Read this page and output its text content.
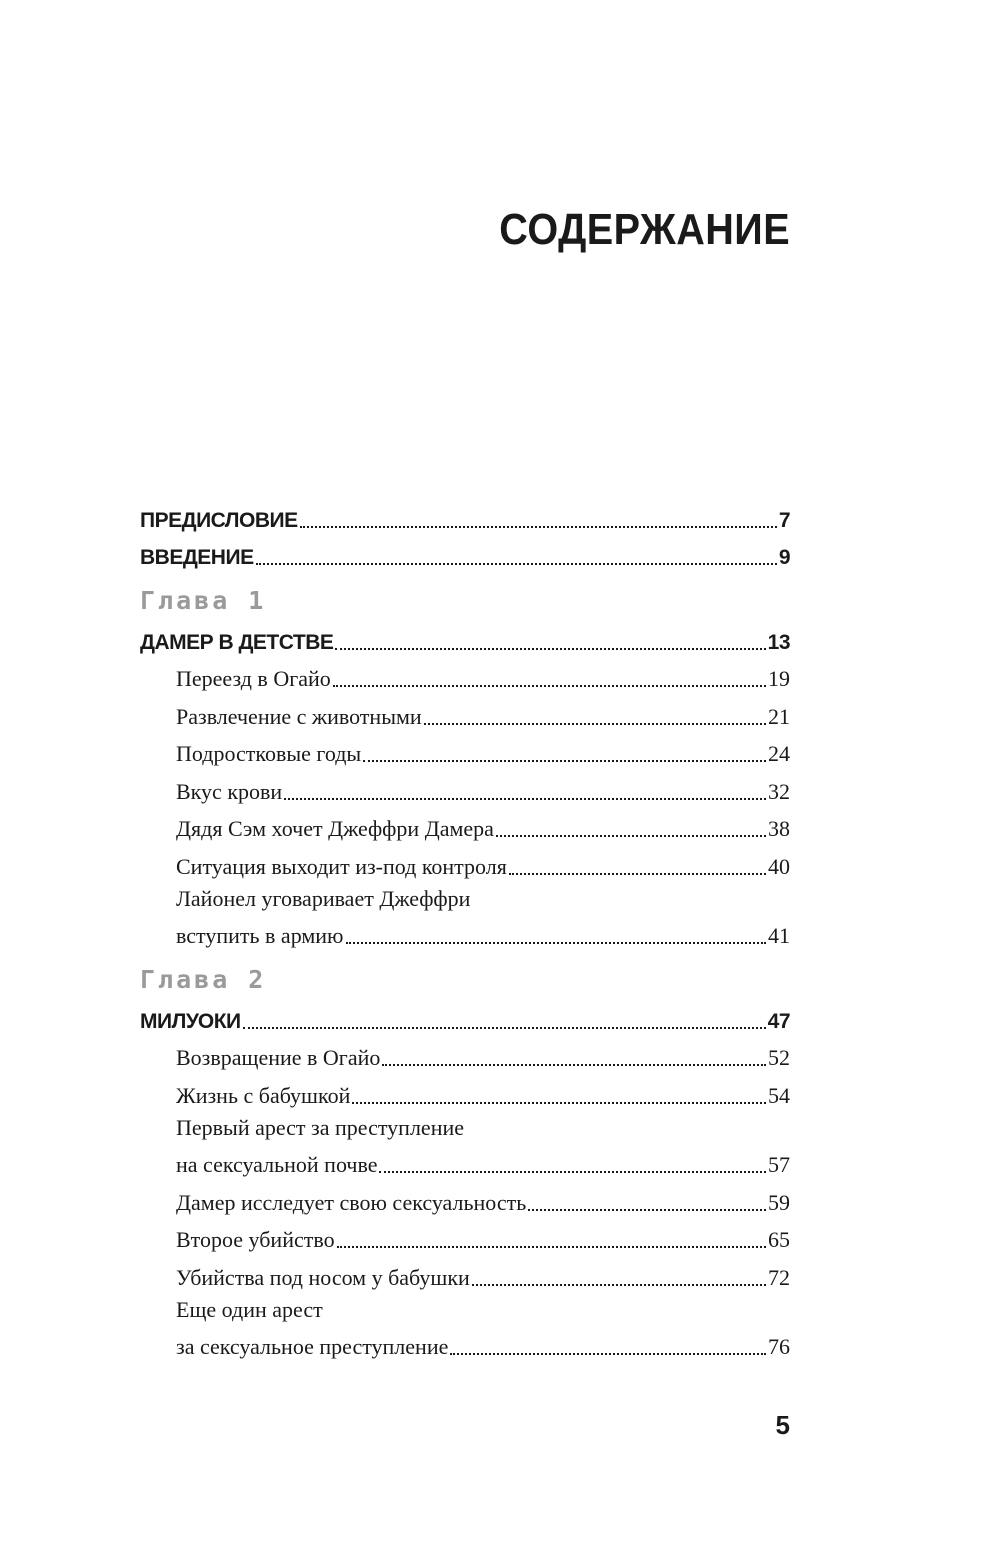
СОДЕРЖАНИЕ
ПРЕДИСЛОВИЕ	7
ВВЕДЕНИЕ	9
Глава 1
ДАМЕР В ДЕТСТВЕ	13
Переезд в Огайо	19
Развлечение с животными	21
Подростковые годы	24
Вкус крови	32
Дядя Сэм хочет Джеффри Дамера	38
Ситуация выходит из-под контроля	40
Лайонел уговаривает Джеффри
вступить в армию	41
Глава 2
МИЛУОКИ	47
Возвращение в Огайо	52
Жизнь с бабушкой	54
Первый арест за преступление
на сексуальной почве	57
Дамер исследует свою сексуальность	59
Второе убийство	65
Убийства под носом у бабушки	72
Еще один арест
за сексуальное преступление	76
5
